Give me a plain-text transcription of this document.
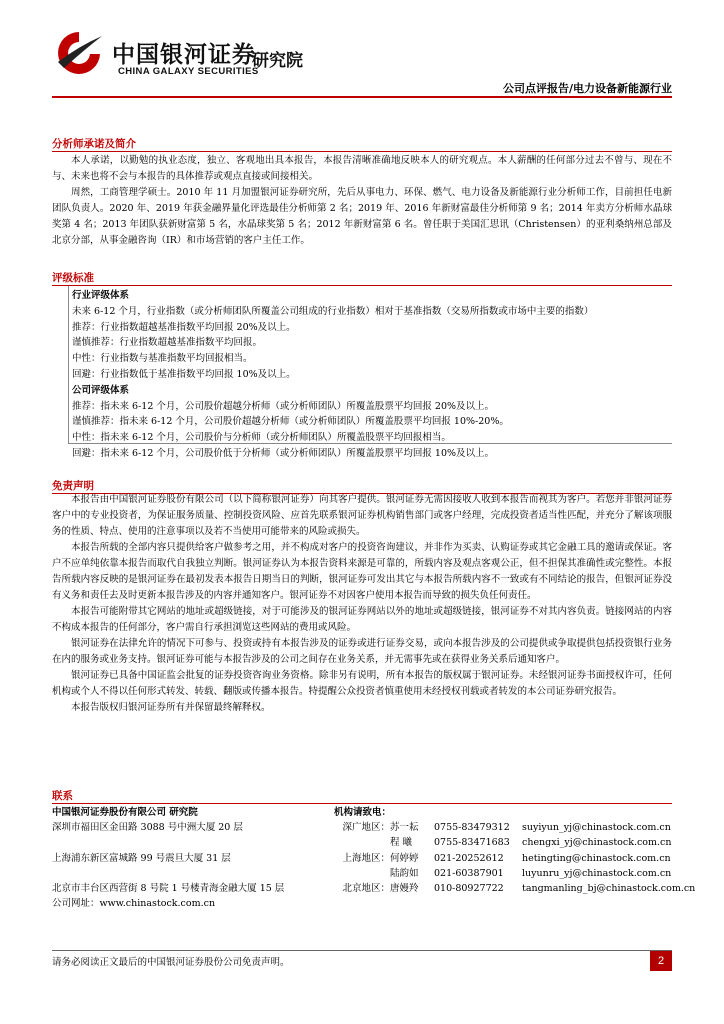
中国银河证券
CHINA GALAXY SECURITIES
研究院
公司点评报告/电力设备新能源行业
分析师承诺及简介

本人承诺，以勤勉的执业态度，独立、客观地出具本报告，本报告清晰准确地反映本人的研究观点。本人薪酬的任何部分过去不曾与、现在不与、未来也将不会与本报告的具体推荐或观点直接或间接相关。

周然，工商管理学硕士。2010 年 11 月加盟银河证券研究所，先后从事电力、环保、燃气、电力设备及新能源行业分析师工作，目前担任电新团队负责人。2020 年、2019 年获金融界量化评选最佳分析师第 2 名；2019 年、2016 年新财富最佳分析师第 9 名；2014 年卖方分析师水晶球奖第 4 名；2013 年团队获新财富第 5 名，水晶球奖第 5 名；2012 年新财富第 6 名。曾任职于美国汇思讯（Christensen）的亚利桑纳州总部及北京分部，从事金融咨询（IR）和市场营销的客户主任工作。

评级标准
行业评级体系
未来 6-12 个月，行业指数（或分析师团队所覆盖公司组成的行业指数）相对于基准指数（交易所指数或市场中主要的指数）
推荐：行业指数超越基准指数平均回报 20%及以上。
谨慎推荐：行业指数超越基准指数平均回报。
中性：行业指数与基准指数平均回报相当。
回避：行业指数低于基准指数平均回报 10%及以上。
公司评级体系
推荐：指未来 6-12 个月，公司股价超越分析师（或分析师团队）所覆盖股票平均回报 20%及以上。
谨慎推荐：指未来 6-12 个月，公司股价超越分析师（或分析师团队）所覆盖股票平均回报 10%-20%。
中性：指未来 6-12 个月，公司股价与分析师（或分析师团队）所覆盖股票平均回报相当。
回避：指未来 6-12 个月，公司股价低于分析师（或分析师团队）所覆盖股票平均回报 10%及以上。
免责声明

本报告由中国银河证券股份有限公司（以下简称银河证券）向其客户提供。银河证券无需因接收人收到本报告而视其为客户。若您并非银河证券客户中的专业投资者，为保证服务质量、控制投资风险、应首先联系银河证券机构销售部门或客户经理，完成投资者适当性匹配，并充分了解该项服务的性质、特点、使用的注意事项以及若不当使用可能带来的风险或损失。

本报告所载的全部内容只提供给客户做参考之用，并不构成对客户的投资咨询建议，并非作为买卖、认购证券或其它金融工具的邀请或保证。客户不应单纯依靠本报告而取代自我独立判断。银河证券认为本报告资料来源是可靠的，所载内容及观点客观公正，但不担保其准确性或完整性。本报告所载内容反映的是银河证券在最初发表本报告日期当日的判断，银河证券可发出其它与本报告所载内容不一致或有不同结论的报告，但银河证券没有义务和责任去及时更新本报告涉及的内容并通知客户。银河证券不对因客户使用本报告而导致的损失负任何责任。

本报告可能附带其它网站的地址或超级链接，对于可能涉及的银河证券网站以外的地址或超级链接，银河证券不对其内容负责。链接网站的内容不构成本报告的任何部分，客户需自行承担浏览这些网站的费用或风险。

银河证券在法律允许的情况下可参与、投资或持有本报告涉及的证券或进行证券交易，或向本报告涉及的公司提供或争取提供包括投资银行业务在内的服务或业务支持。银河证券可能与本报告涉及的公司之间存在业务关系，并无需事先或在获得业务关系后通知客户。

银河证券已具备中国证监会批复的证券投资咨询业务资格。除非另有说明，所有本报告的版权属于银河证券。未经银河证券书面授权许可，任何机构或个人不得以任何形式转发、转载、翻版或传播本报告。特提醒公众投资者慎重使用未经授权刊载或者转发的本公司证券研究报告。

本报告版权归银河证券所有并保留最终解释权。

联系
中国银河证券股份有限公司 研究院
深圳市福田区金田路 3088 号中洲大厦 20 层
上海浦东新区富城路 99 号震旦大厦 31 层
北京市丰台区西营街 8 号院 1 号楼青海金融大厦 15 层
公司网址：www.chinastock.com.cn
机构请致电：
深广地区：苏一耘 0755-83479312 suyiyun_yj@chinastock.com.cn
程 曦 0755-83471683 chengxi_yj@chinastock.com.cn
上海地区：何婷婷 021-20252612 hetingting@chinastock.com.cn
陆韵如 021-60387901 luyunru_yj@chinastock.com.cn
北京地区：唐嫚羚 010-80927722 tangmanling_bj@chinastock.com.cn
请务必阅读正文最后的中国银河证券股份公司免责声明。	2
